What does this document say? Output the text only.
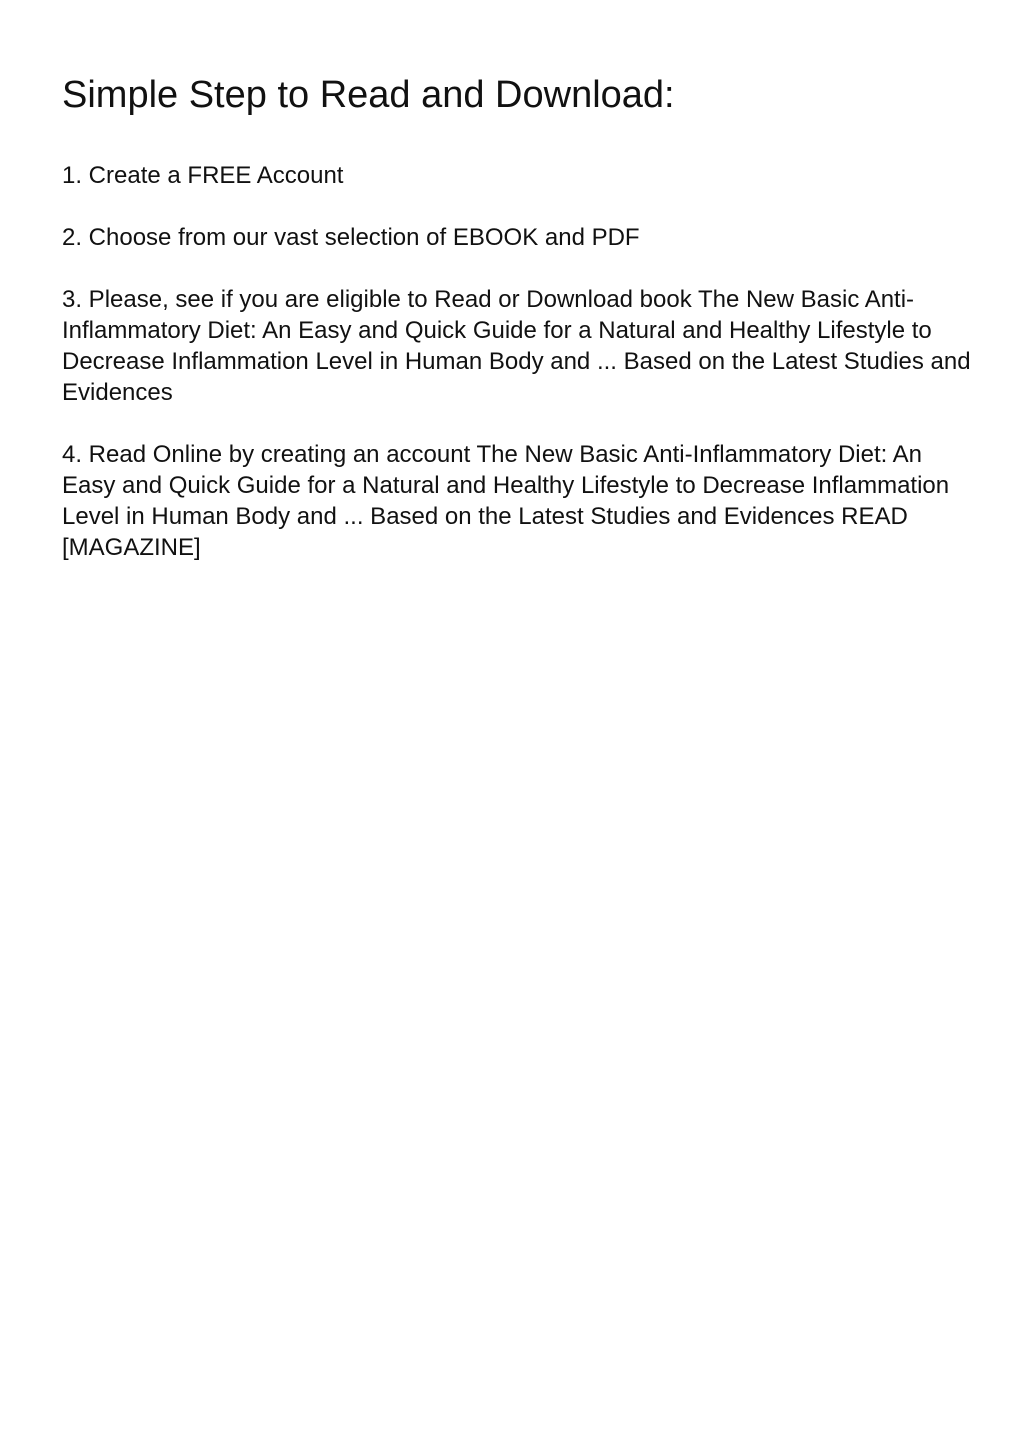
Simple Step to Read and Download:
1. Create a FREE Account
2. Choose from our vast selection of EBOOK and PDF
3. Please, see if you are eligible to Read or Download book The New Basic Anti-Inflammatory Diet: An Easy and Quick Guide for a Natural and Healthy Lifestyle to Decrease Inflammation Level in Human Body and ... Based on the Latest Studies and Evidences
4. Read Online by creating an account The New Basic Anti-Inflammatory Diet: An Easy and Quick Guide for a Natural and Healthy Lifestyle to Decrease Inflammation Level in Human Body and ... Based on the Latest Studies and Evidences READ [MAGAZINE]
